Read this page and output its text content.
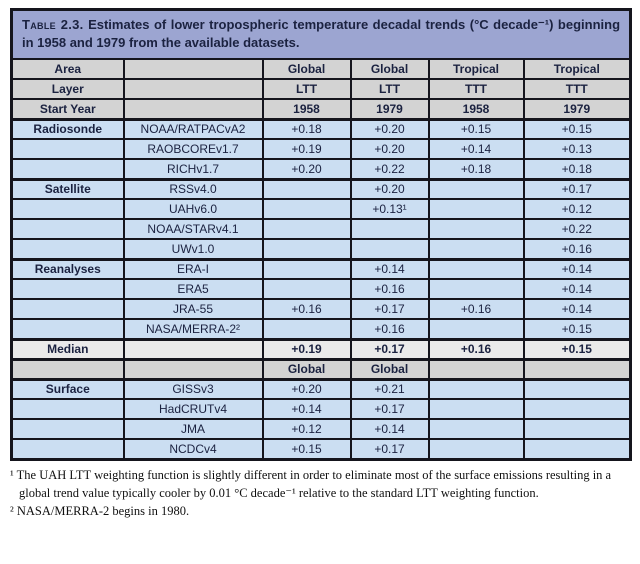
Table 2.3. Estimates of lower tropospheric temperature decadal trends (°C decade⁻¹) beginning in 1958 and 1979 from the available datasets.					
Area		Global	Global	Tropical	Tropical
Layer		LTT	LTT	TTT	TTT
Start Year		1958	1979	1958	1979
Radiosonde	NOAA/RATPACvA2	+0.18	+0.20	+0.15	+0.15
	RAOBCOREv1.7	+0.19	+0.20	+0.14	+0.13
	RICHv1.7	+0.20	+0.22	+0.18	+0.18
Satellite	RSSv4.0		+0.20		+0.17
	UAHv6.0		+0.13¹		+0.12
	NOAA/STARv4.1				+0.22
	UWv1.0				+0.16
Reanalyses	ERA-I		+0.14		+0.14
	ERA5		+0.16		+0.14
	JRA-55	+0.16	+0.17	+0.16	+0.14
	NASA/MERRA-2²		+0.16		+0.15
Median		+0.19	+0.17	+0.16	+0.15
		Global	Global		
Surface	GISSv3	+0.20	+0.21		
	HadCRUTv4	+0.14	+0.17		
	JMA	+0.12	+0.14		
	NCDCv4	+0.15	+0.17		

¹ The UAH LTT weighting function is slightly different in order to eliminate most of the surface emissions resulting in a global trend value typically cooler by 0.01 °C decade⁻¹ relative to the standard LTT weighting function.

² NASA/MERRA-2 begins in 1980.
